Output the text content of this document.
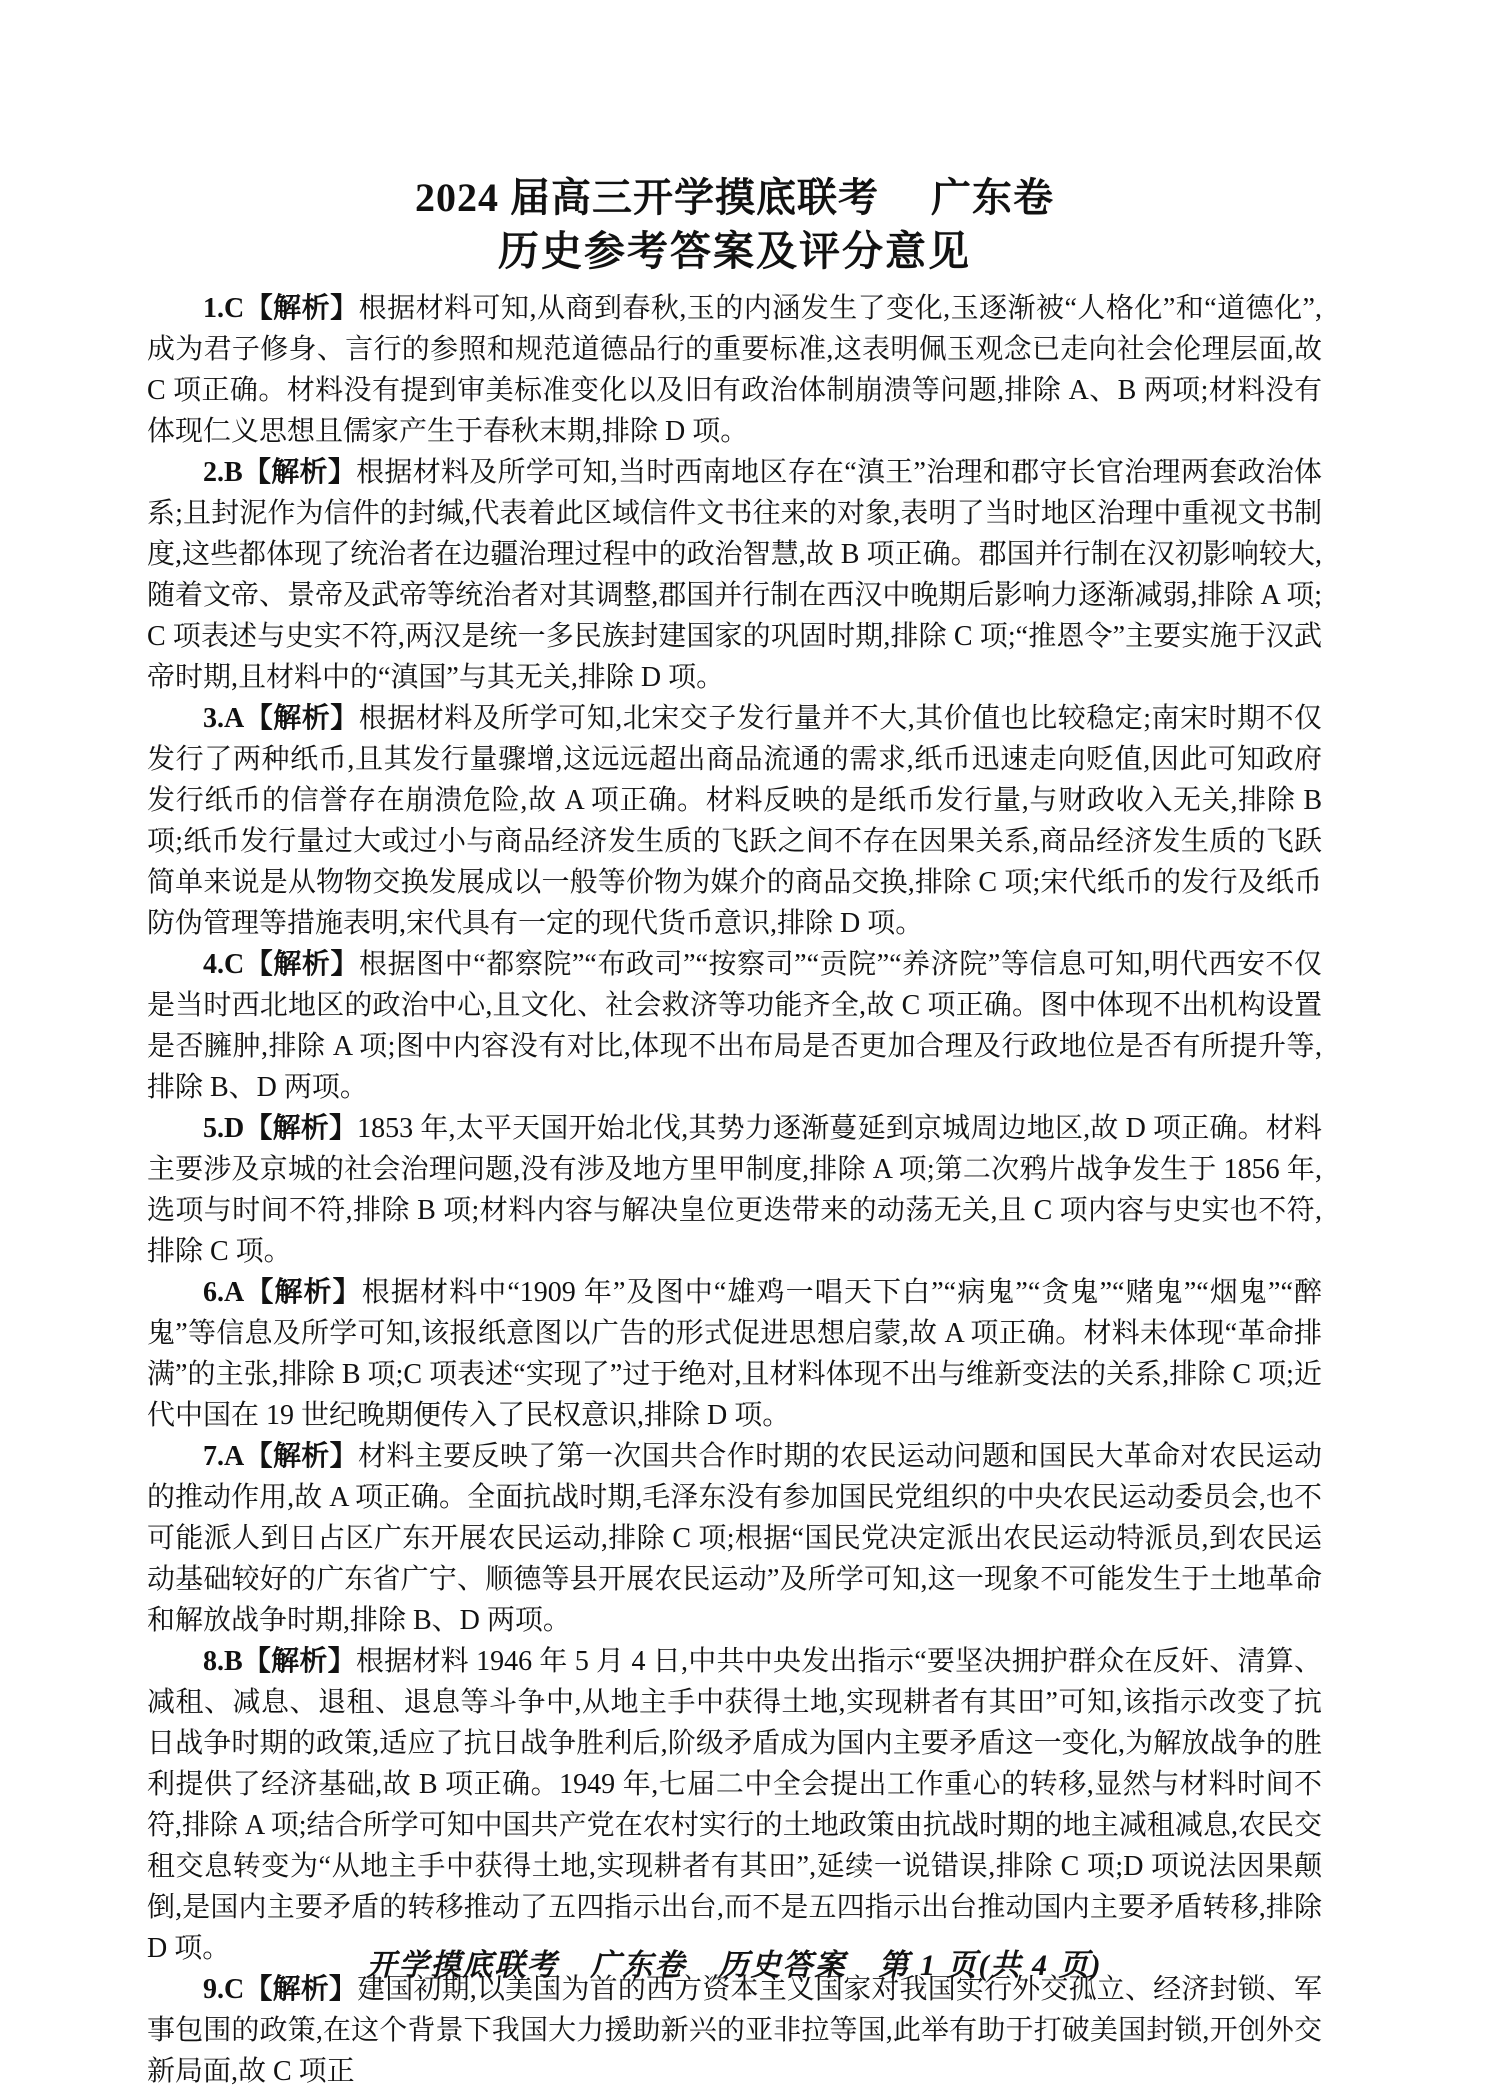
2024 届高三开学摸底联考　 广东卷
历史参考答案及评分意见

1.C【解析】根据材料可知,从商到春秋,玉的内涵发生了变化,玉逐渐被“人格化”和“道德化”,成为君子修身、言行的参照和规范道德品行的重要标准,这表明佩玉观念已走向社会伦理层面,故 C 项正确。材料没有提到审美标准变化以及旧有政治体制崩溃等问题,排除 A、B 两项;材料没有体现仁义思想且儒家产生于春秋末期,排除 D 项。

2.B【解析】根据材料及所学可知,当时西南地区存在“滇王”治理和郡守长官治理两套政治体系;且封泥作为信件的封缄,代表着此区域信件文书往来的对象,表明了当时地区治理中重视文书制度,这些都体现了统治者在边疆治理过程中的政治智慧,故 B 项正确。郡国并行制在汉初影响较大,随着文帝、景帝及武帝等统治者对其调整,郡国并行制在西汉中晚期后影响力逐渐减弱,排除 A 项;C 项表述与史实不符,两汉是统一多民族封建国家的巩固时期,排除 C 项;“推恩令”主要实施于汉武帝时期,且材料中的“滇国”与其无关,排除 D 项。

3.A【解析】根据材料及所学可知,北宋交子发行量并不大,其价值也比较稳定;南宋时期不仅发行了两种纸币,且其发行量骤增,这远远超出商品流通的需求,纸币迅速走向贬值,因此可知政府发行纸币的信誉存在崩溃危险,故 A 项正确。材料反映的是纸币发行量,与财政收入无关,排除 B 项;纸币发行量过大或过小与商品经济发生质的飞跃之间不存在因果关系,商品经济发生质的飞跃简单来说是从物物交换发展成以一般等价物为媒介的商品交换,排除 C 项;宋代纸币的发行及纸币防伪管理等措施表明,宋代具有一定的现代货币意识,排除 D 项。

4.C【解析】根据图中“都察院”“布政司”“按察司”“贡院”“养济院”等信息可知,明代西安不仅是当时西北地区的政治中心,且文化、社会救济等功能齐全,故 C 项正确。图中体现不出机构设置是否臃肿,排除 A 项;图中内容没有对比,体现不出布局是否更加合理及行政地位是否有所提升等,排除 B、D 两项。

5.D【解析】1853 年,太平天国开始北伐,其势力逐渐蔓延到京城周边地区,故 D 项正确。材料主要涉及京城的社会治理问题,没有涉及地方里甲制度,排除 A 项;第二次鸦片战争发生于 1856 年,选项与时间不符,排除 B 项;材料内容与解决皇位更迭带来的动荡无关,且 C 项内容与史实也不符,排除 C 项。

6.A【解析】根据材料中“1909 年”及图中“雄鸡一唱天下白”“病鬼”“贪鬼”“赌鬼”“烟鬼”“醉鬼”等信息及所学可知,该报纸意图以广告的形式促进思想启蒙,故 A 项正确。材料未体现“革命排满”的主张,排除 B 项;C 项表述“实现了”过于绝对,且材料体现不出与维新变法的关系,排除 C 项;近代中国在 19 世纪晚期便传入了民权意识,排除 D 项。

7.A【解析】材料主要反映了第一次国共合作时期的农民运动问题和国民大革命对农民运动的推动作用,故 A 项正确。全面抗战时期,毛泽东没有参加国民党组织的中央农民运动委员会,也不可能派人到日占区广东开展农民运动,排除 C 项;根据“国民党决定派出农民运动特派员,到农民运动基础较好的广东省广宁、顺德等县开展农民运动”及所学可知,这一现象不可能发生于土地革命和解放战争时期,排除 B、D 两项。

8.B【解析】根据材料 1946 年 5 月 4 日,中共中央发出指示“要坚决拥护群众在反奸、清算、减租、减息、退租、退息等斗争中,从地主手中获得土地,实现耕者有其田”可知,该指示改变了抗日战争时期的政策,适应了抗日战争胜利后,阶级矛盾成为国内主要矛盾这一变化,为解放战争的胜利提供了经济基础,故 B 项正确。1949 年,七届二中全会提出工作重心的转移,显然与材料时间不符,排除 A 项;结合所学可知中国共产党在农村实行的土地政策由抗战时期的地主减租减息,农民交租交息转变为“从地主手中获得土地,实现耕者有其田”,延续一说错误,排除 C 项;D 项说法因果颠倒,是国内主要矛盾的转移推动了五四指示出台,而不是五四指示出台推动国内主要矛盾转移,排除 D 项。

9.C【解析】建国初期,以美国为首的西方资本主义国家对我国实行外交孤立、经济封锁、军事包围的政策,在这个背景下我国大力援助新兴的亚非拉等国,此举有助于打破美国封锁,开创外交新局面,故 C 项正

开学摸底联考　广东卷　历史答案　第 1 页(共 4 页)
